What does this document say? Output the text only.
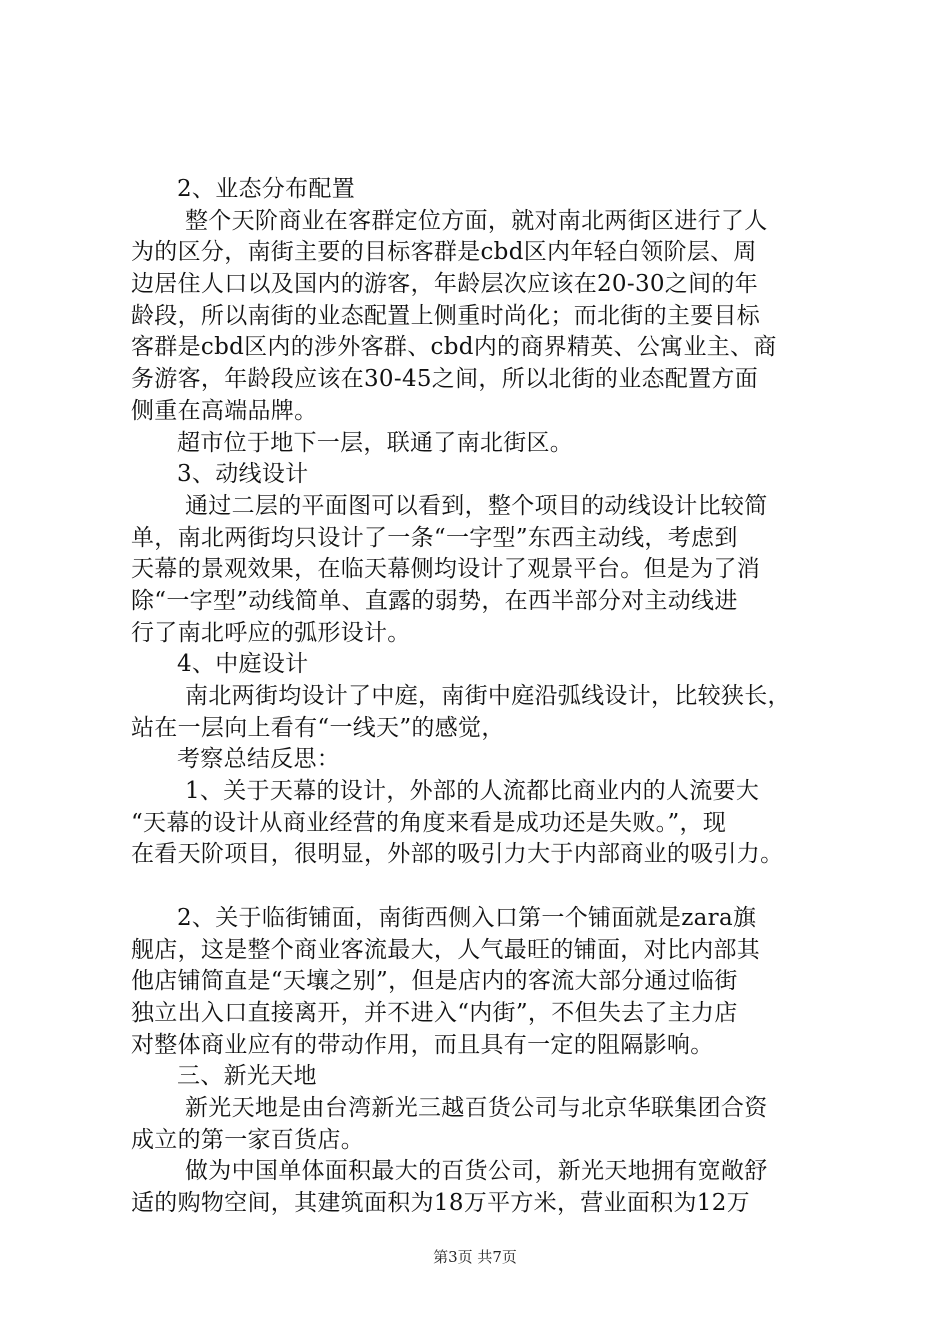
2、业态分布配置
整个天阶商业在客群定位方面，就对南北两街区进行了人
为的区分，南街主要的目标客群是cbd区内年轻白领阶层、周
边居住人口以及国内的游客，年龄层次应该在20-30之间的年
龄段，所以南街的业态配置上侧重时尚化；而北街的主要目标
客群是cbd区内的涉外客群、cbd内的商界精英、公寓业主、商
务游客，年龄段应该在30-45之间，所以北街的业态配置方面
侧重在高端品牌。
超市位于地下一层，联通了南北街区。
3、动线设计
通过二层的平面图可以看到，整个项目的动线设计比较简
单，南北两街均只设计了一条“一字型”东西主动线，考虑到
天幕的景观效果，在临天幕侧均设计了观景平台。但是为了消
除“一字型”动线简单、直露的弱势，在西半部分对主动线进
行了南北呼应的弧形设计。
4、中庭设计
南北两街均设计了中庭，南街中庭沿弧线设计，比较狭长，
站在一层向上看有“一线天”的感觉，
考察总结反思：
1、关于天幕的设计，外部的人流都比商业内的人流要大
“天幕的设计从商业经营的角度来看是成功还是失败。”，现
在看天阶项目，很明显，外部的吸引力大于内部商业的吸引力。
2、关于临街铺面，南街西侧入口第一个铺面就是zara旗
舰店，这是整个商业客流最大，人气最旺的铺面，对比内部其
他店铺简直是“天壤之别”，但是店内的客流大部分通过临街
独立出入口直接离开，并不进入“内街”，不但失去了主力店
对整体商业应有的带动作用，而且具有一定的阻隔影响。
三、新光天地
新光天地是由台湾新光三越百货公司与北京华联集团合资
成立的第一家百货店。
做为中国单体面积最大的百货公司，新光天地拥有宽敞舒
适的购物空间，其建筑面积为18万平方米，营业面积为12万
第3页 共7页
